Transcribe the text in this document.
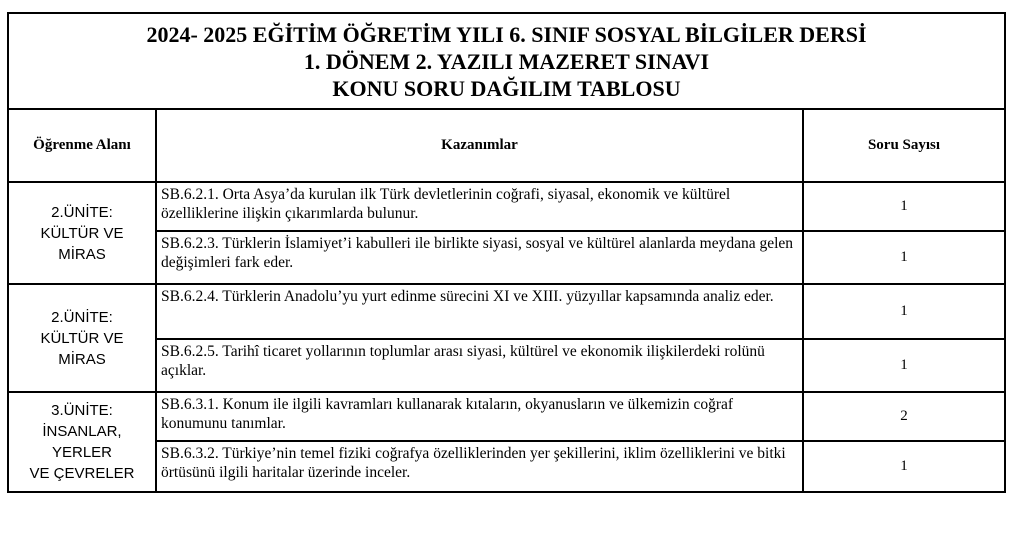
2024- 2025 EĞİTİM ÖĞRETİM YILI 6. SINIF SOSYAL BİLGİLER DERSİ
1. DÖNEM 2. YAZILI MAZERET SINAVI
KONU SORU DAĞILIM TABLOSU		

Öğrenme Alanı	Kazanımlar	Soru Sayısı

2.ÜNİTE:
KÜLTÜR VE
MİRAS	SB.6.2.1. Orta Asya’da kurulan ilk Türk devletlerinin coğrafi, siyasal, ekonomik ve kültürel özelliklerine ilişkin çıkarımlarda bulunur.	1
	SB.6.2.3. Türklerin İslamiyet’i kabulleri ile birlikte siyasi, sosyal ve kültürel alanlarda meydana gelen değişimleri fark eder.	1

2.ÜNİTE:
KÜLTÜR VE
MİRAS	SB.6.2.4. Türklerin Anadolu’yu yurt edinme sürecini XI ve XIII. yüzyıllar kapsamında analiz eder.	1
	SB.6.2.5. Tarihî ticaret yollarının toplumlar arası siyasi, kültürel ve ekonomik ilişkilerdeki rolünü açıklar.	1

3.ÜNİTE:
İNSANLAR,
YERLER
VE ÇEVRELER	SB.6.3.1. Konum ile ilgili kavramları kullanarak kıtaların, okyanusların ve ülkemizin coğraf konumunu tanımlar.	2
	SB.6.3.2. Türkiye’nin temel fiziki coğrafya özelliklerinden yer şekillerini, iklim özelliklerini ve bitki örtüsünü ilgili haritalar üzerinde inceler.	1
